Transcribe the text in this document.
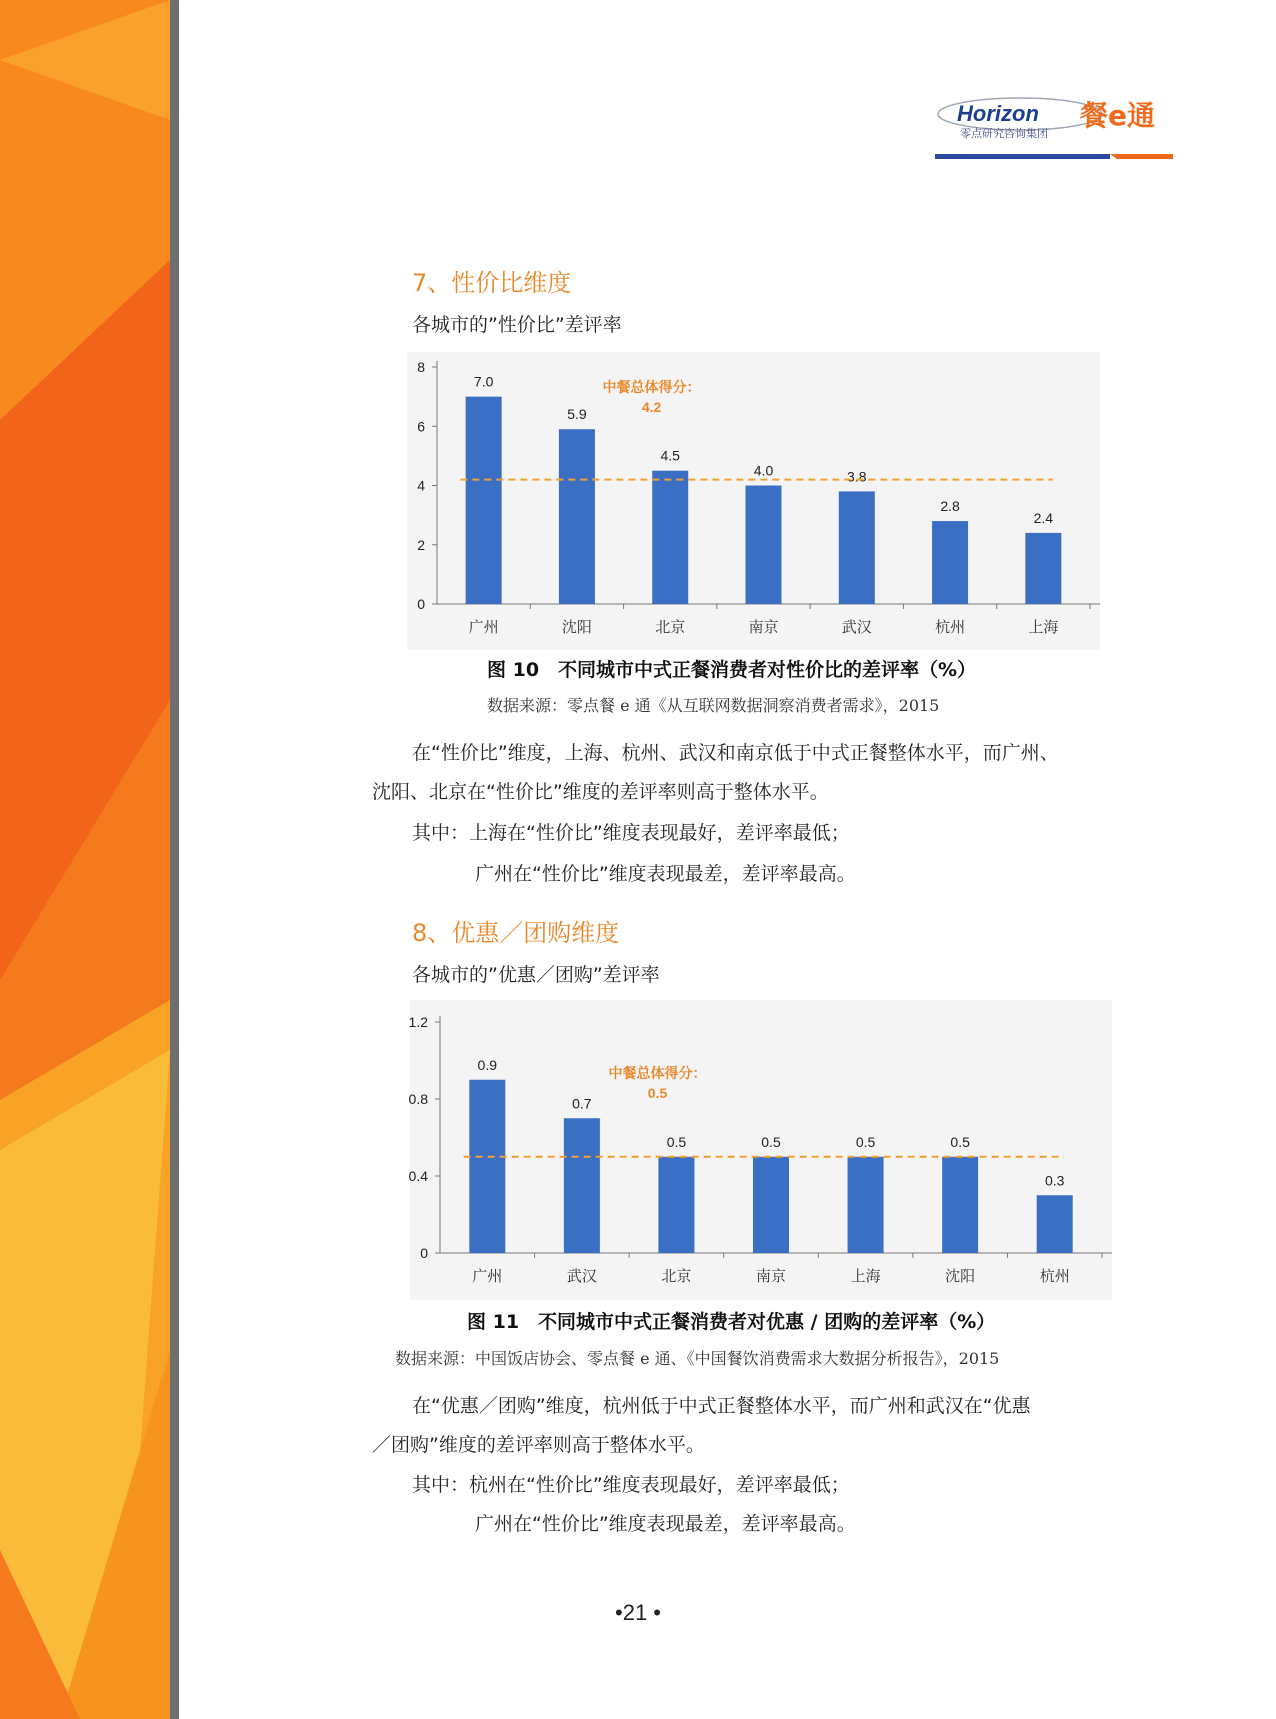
Horizon
零点研究咨询集团
餐e通
7、性价比维度
各城市的”性价比”差评率
0
2
4
6
8
7.0
广州
5.9
沈阳
4.5
北京
4.0
南京
3.8
武汉
2.8
杭州
2.4
上海
中餐总体得分：
4.2
图 10　不同城市中式正餐消费者对性价比的差评率（%）
数据来源：零点餐 e 通《从互联网数据洞察消费者需求》，2015
在“性价比”维度，上海、杭州、武汉和南京低于中式正餐整体水平，而广州、
沈阳、北京在“性价比”维度的差评率则高于整体水平。
其中：上海在“性价比”维度表现最好，差评率最低；
广州在“性价比”维度表现最差，差评率最高。
8、优惠／团购维度
各城市的”优惠／团购”差评率
0
0.4
0.8
1.2
0.9
广州
0.7
武汉
0.5
北京
0.5
南京
0.5
上海
0.5
沈阳
0.3
杭州
中餐总体得分：
0.5
图 11　不同城市中式正餐消费者对优惠 / 团购的差评率（%）
数据来源：中国饭店协会、零点餐 e 通、《中国餐饮消费需求大数据分析报告》，2015
在“优惠／团购”维度，杭州低于中式正餐整体水平，而广州和武汉在“优惠
／团购”维度的差评率则高于整体水平。
其中：杭州在“性价比”维度表现最好，差评率最低；
广州在“性价比”维度表现最差，差评率最高。
•21 •
